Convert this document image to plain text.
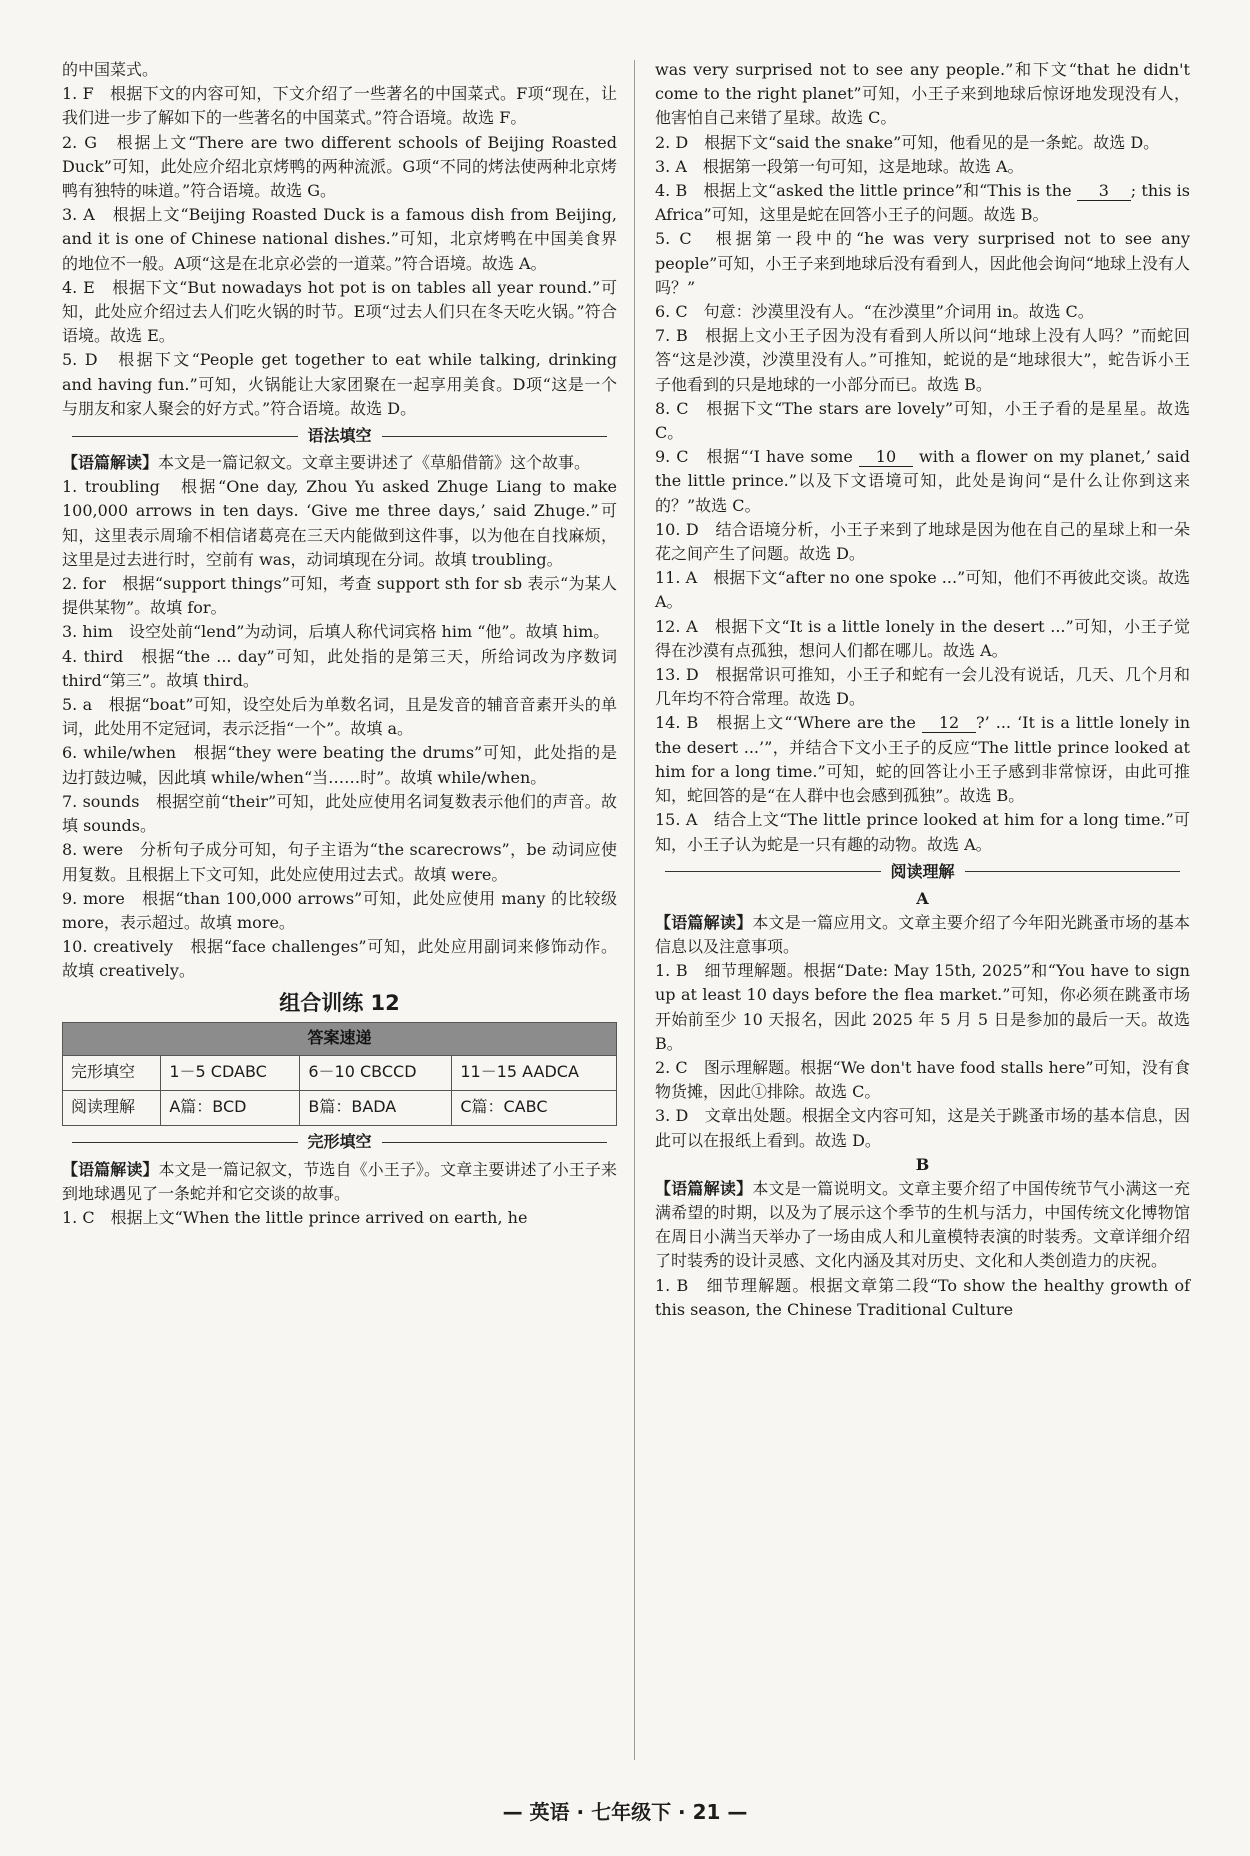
的中国菜式。

1. F　根据下文的内容可知，下文介绍了一些著名的中国菜式。F项“现在，让我们进一步了解如下的一些著名的中国菜式。”符合语境。故选 F。

2. G　根据上文“There are two different schools of Beijing Roasted Duck”可知，此处应介绍北京烤鸭的两种流派。G项“不同的烤法使两种北京烤鸭有独特的味道。”符合语境。故选 G。

3. A　根据上文“Beijing Roasted Duck is a famous dish from Beijing, and it is one of Chinese national dishes.”可知，北京烤鸭在中国美食界的地位不一般。A项“这是在北京必尝的一道菜。”符合语境。故选 A。

4. E　根据下文“But nowadays hot pot is on tables all year round.”可知，此处应介绍过去人们吃火锅的时节。E项“过去人们只在冬天吃火锅。”符合语境。故选 E。

5. D　根据下文“People get together to eat while talking, drinking and having fun.”可知，火锅能让大家团聚在一起享用美食。D项“这是一个与朋友和家人聚会的好方式。”符合语境。故选 D。

语法填空

【语篇解读】本文是一篇记叙文。文章主要讲述了《草船借箭》这个故事。

1. troubling　根据“One day, Zhou Yu asked Zhuge Liang to make 100,000 arrows in ten days. ‘Give me three days,’ said Zhuge.”可知，这里表示周瑜不相信诸葛亮在三天内能做到这件事，以为他在自找麻烦，这里是过去进行时，空前有 was，动词填现在分词。故填 troubling。

2. for　根据“support things”可知，考查 support sth for sb 表示“为某人提供某物”。故填 for。

3. him　设空处前“lend”为动词，后填人称代词宾格 him “他”。故填 him。

4. third　根据“the ... day”可知，此处指的是第三天，所给词改为序数词 third“第三”。故填 third。

5. a　根据“boat”可知，设空处后为单数名词，且是发音的辅音音素开头的单词，此处用不定冠词，表示泛指“一个”。故填 a。

6. while/when　根据“they were beating the drums”可知，此处指的是边打鼓边喊，因此填 while/when“当……时”。故填 while/when。

7. sounds　根据空前“their”可知，此处应使用名词复数表示他们的声音。故填 sounds。

8. were　分析句子成分可知，句子主语为“the scarecrows”，be 动词应使用复数。且根据上下文可知，此处应使用过去式。故填 were。

9. more　根据“than 100,000 arrows”可知，此处应使用 many 的比较级 more，表示超过。故填 more。

10. creatively　根据“face challenges”可知，此处应用副词来修饰动作。故填 creatively。

组合训练 12
答案速递			
完形填空	1－5 CDABC	6－10 CBCCD	11－15 AADCA
阅读理解	A篇：BCD	B篇：BADA	C篇：CABC
完形填空

【语篇解读】本文是一篇记叙文，节选自《小王子》。文章主要讲述了小王子来到地球遇见了一条蛇并和它交谈的故事。

1. C　根据上文“When the little prince arrived on earth, he

was very surprised not to see any people.”和下文“that he didn't come to the right planet”可知，小王子来到地球后惊讶地发现没有人，他害怕自己来错了星球。故选 C。

2. D　根据下文“said the snake”可知，他看见的是一条蛇。故选 D。

3. A　根据第一段第一句可知，这是地球。故选 A。

4. B　根据上文“asked the little prince”和“This is the 3 ; this is Africa”可知，这里是蛇在回答小王子的问题。故选 B。

5. C　根据第一段中的“he was very surprised not to see any people”可知，小王子来到地球后没有看到人，因此他会询问“地球上没有人吗？”

6. C　句意：沙漠里没有人。“在沙漠里”介词用 in。故选 C。

7. B　根据上文小王子因为没有看到人所以问“地球上没有人吗？”而蛇回答“这是沙漠，沙漠里没有人。”可推知，蛇说的是“地球很大”，蛇告诉小王子他看到的只是地球的一小部分而已。故选 B。

8. C　根据下文“The stars are lovely”可知，小王子看的是星星。故选 C。

9. C　根据“‘I have some 10 with a flower on my planet,’ said the little prince.”以及下文语境可知，此处是询问“是什么让你到这来的？”故选 C。

10. D　结合语境分析，小王子来到了地球是因为他在自己的星球上和一朵花之间产生了问题。故选 D。

11. A　根据下文“after no one spoke ...”可知，他们不再彼此交谈。故选 A。

12. A　根据下文“It is a little lonely in the desert ...”可知，小王子觉得在沙漠有点孤独，想问人们都在哪儿。故选 A。

13. D　根据常识可推知，小王子和蛇有一会儿没有说话，几天、几个月和几年均不符合常理。故选 D。

14. B　根据上文“‘Where are the 12 ?’ ... ‘It is a little lonely in the desert ...’”，并结合下文小王子的反应“The little prince looked at him for a long time.”可知，蛇的回答让小王子感到非常惊讶，由此可推知，蛇回答的是“在人群中也会感到孤独”。故选 B。

15. A　结合上文“The little prince looked at him for a long time.”可知，小王子认为蛇是一只有趣的动物。故选 A。

阅读理解
A

【语篇解读】本文是一篇应用文。文章主要介绍了今年阳光跳蚤市场的基本信息以及注意事项。

1. B　细节理解题。根据“Date: May 15th, 2025”和“You have to sign up at least 10 days before the flea market.”可知，你必须在跳蚤市场开始前至少 10 天报名，因此 2025 年 5 月 5 日是参加的最后一天。故选 B。

2. C　图示理解题。根据“We don't have food stalls here”可知，没有食物货摊，因此①排除。故选 C。

3. D　文章出处题。根据全文内容可知，这是关于跳蚤市场的基本信息，因此可以在报纸上看到。故选 D。

B

【语篇解读】本文是一篇说明文。文章主要介绍了中国传统节气小满这一充满希望的时期，以及为了展示这个季节的生机与活力，中国传统文化博物馆在周日小满当天举办了一场由成人和儿童模特表演的时装秀。文章详细介绍了时装秀的设计灵感、文化内涵及其对历史、文化和人类创造力的庆祝。

1. B　细节理解题。根据文章第二段“To show the healthy growth of this season, the Chinese Traditional Culture

— 英语 · 七年级下 · 21 —
